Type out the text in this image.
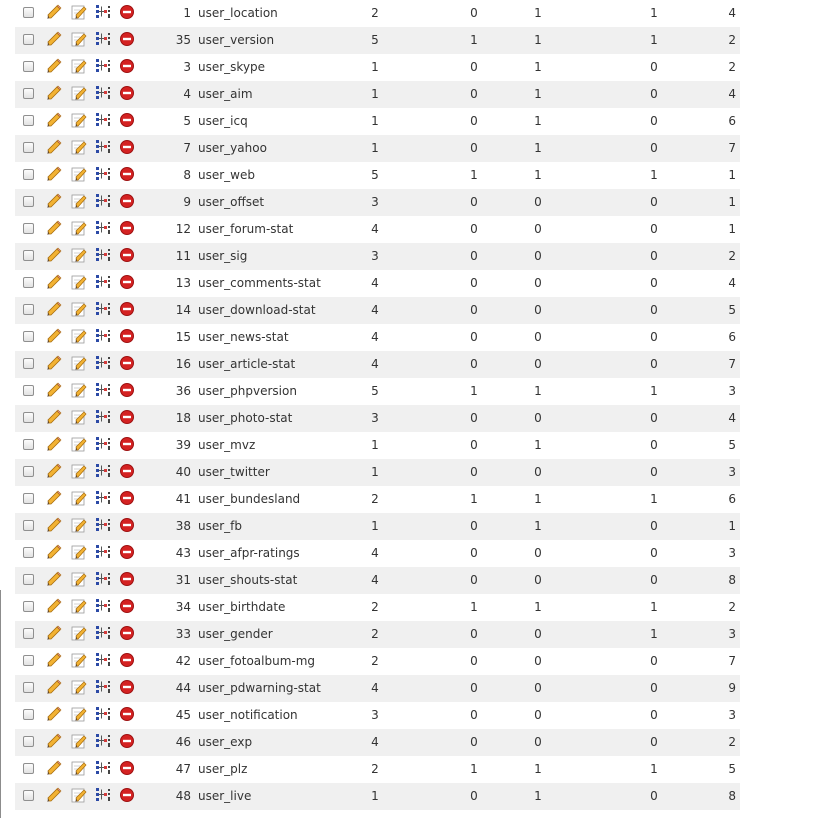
1 user_location	2	0	1	1	4
35 user_version	5	1	1	1	2
3 user_skype	1	0	1	0	2
4 user_aim	1	0	1	0	4
5 user_icq	1	0	1	0	6
7 user_yahoo	1	0	1	0	7
8 user_web	5	1	1	1	1
9 user_offset	3	0	0	0	1
12 user_forum-stat	4	0	0	0	1
11 user_sig	3	0	0	0	2
13 user_comments-stat	4	0	0	0	4
14 user_download-stat	4	0	0	0	5
15 user_news-stat	4	0	0	0	6
16 user_article-stat	4	0	0	0	7
36 user_phpversion	5	1	1	1	3
18 user_photo-stat	3	0	0	0	4
39 user_mvz	1	0	1	0	5
40 user_twitter	1	0	0	0	3
41 user_bundesland	2	1	1	1	6
38 user_fb	1	0	1	0	1
43 user_afpr-ratings	4	0	0	0	3
31 user_shouts-stat	4	0	0	0	8
34 user_birthdate	2	1	1	1	2
33 user_gender	2	0	0	1	3
42 user_fotoalbum-mg	2	0	0	0	7
44 user_pdwarning-stat	4	0	0	0	9
45 user_notification	3	0	0	0	3
46 user_exp	4	0	0	0	2
47 user_plz	2	1	1	1	5
48 user_live	1	0	1	0	8
